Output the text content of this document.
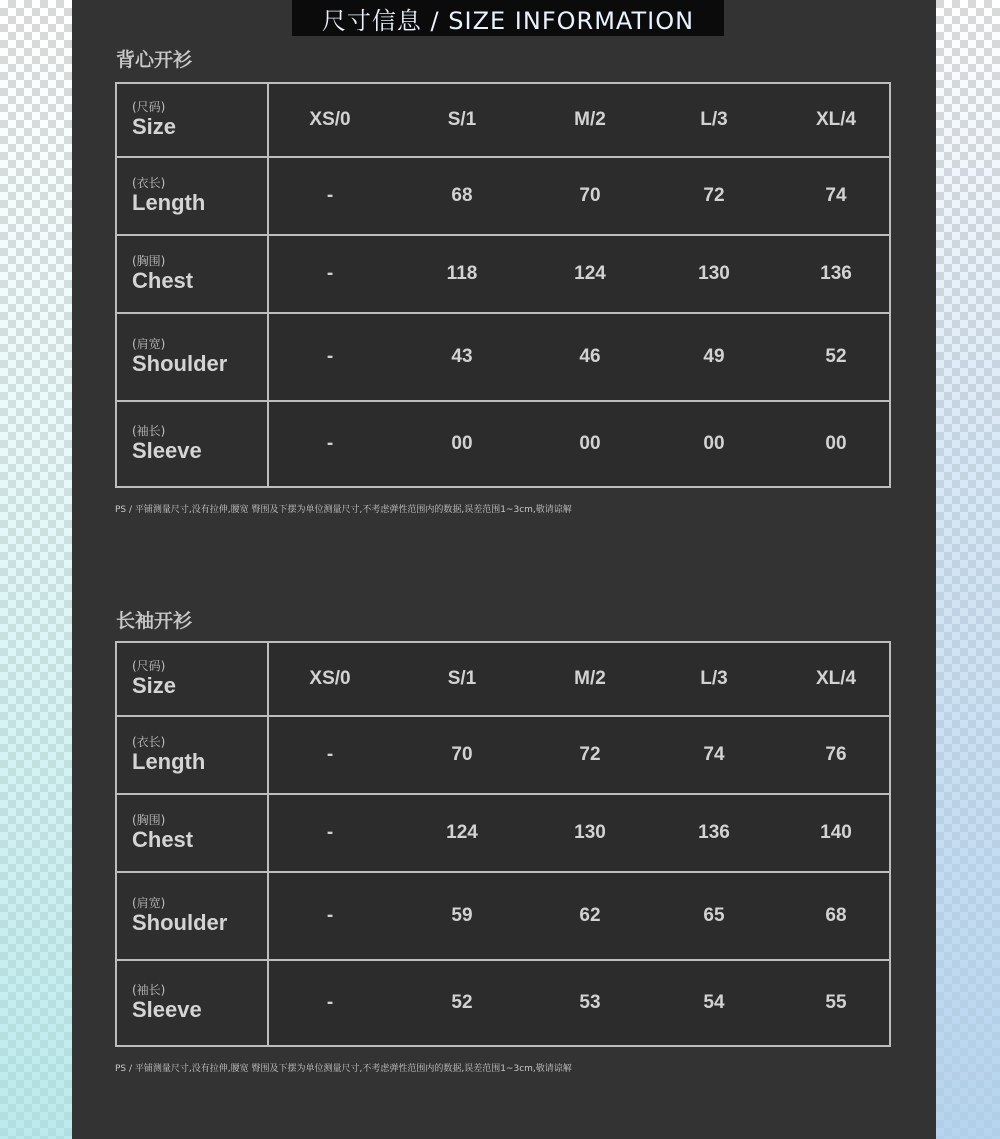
尺寸信息 / SIZE INFORMATION
背心开衫
(尺码)
Size	XS/0 S/1 M/2 L/3 XL/4

(衣长)
Length	- 68 70 72 74

(胸围)
Chest	- 118 124 130 136

(肩宽)
Shoulder	- 43 46 49 52

(袖长)
Sleeve	- 00 00 00 00
PS / 平铺测量尺寸,没有拉伸,腰宽 臀围及下摆为单位测量尺寸,不考虑弹性范围内的数据,误差范围1~3cm,敬请谅解
长袖开衫
(尺码)
Size	XS/0 S/1 M/2 L/3 XL/4

(衣长)
Length	- 70 72 74 76

(胸围)
Chest	- 124 130 136 140

(肩宽)
Shoulder	- 59 62 65 68

(袖长)
Sleeve	- 52 53 54 55
PS / 平铺测量尺寸,没有拉伸,腰宽 臀围及下摆为单位测量尺寸,不考虑弹性范围内的数据,误差范围1~3cm,敬请谅解
